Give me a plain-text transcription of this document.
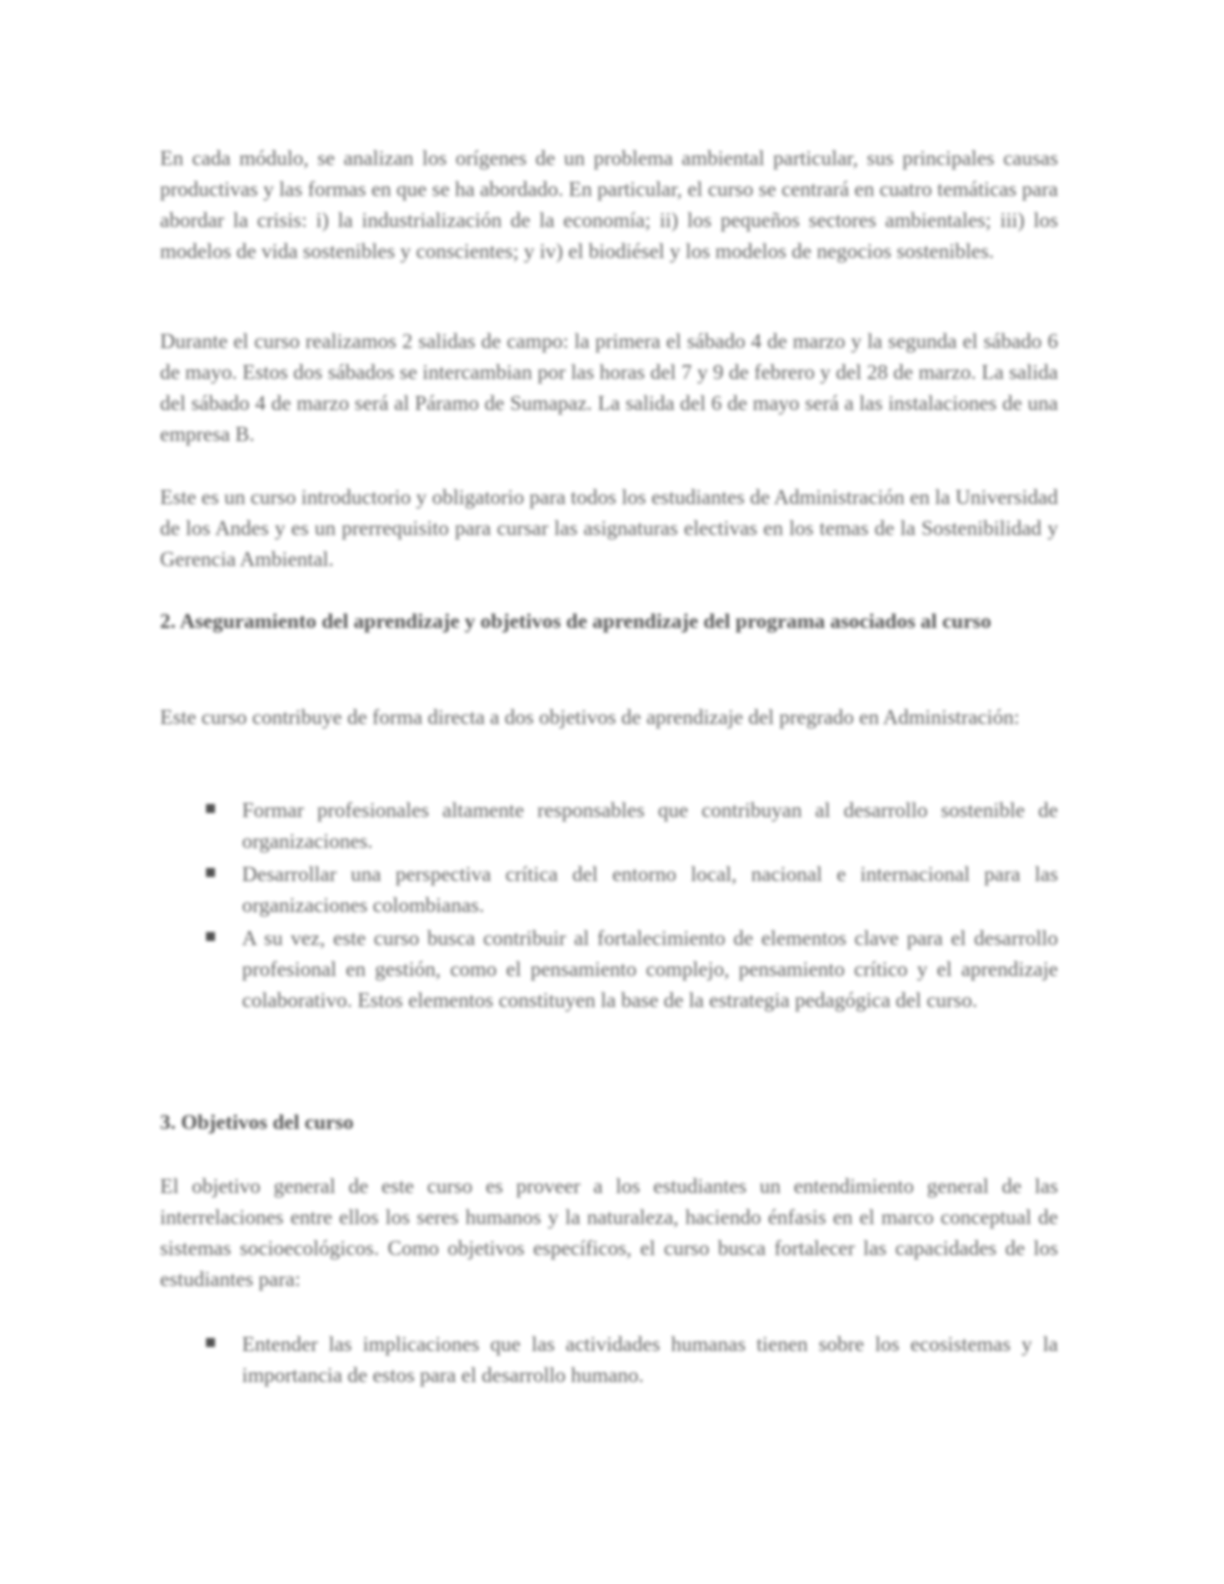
En cada módulo, se analizan los orígenes de un problema ambiental particular, sus principales causas productivas y las formas en que se ha abordado. En particular, el curso se centrará en cuatro temáticas para abordar la crisis: i) la industrialización de la economía; ii) los pequeños sectores ambientales; iii) los modelos de vida sostenibles y conscientes; y iv) el biodiésel y los modelos de negocios sostenibles.

Durante el curso realizamos 2 salidas de campo: la primera el sábado 4 de marzo y la segunda el sábado 6 de mayo. Estos dos sábados se intercambian por las horas del 7 y 9 de febrero y del 28 de marzo. La salida del sábado 4 de marzo será al Páramo de Sumapaz. La salida del 6 de mayo será a las instalaciones de una empresa B.

Este es un curso introductorio y obligatorio para todos los estudiantes de Administración en la Universidad de los Andes y es un prerrequisito para cursar las asignaturas electivas en los temas de la Sostenibilidad y Gerencia Ambiental.

2. Aseguramiento del aprendizaje y objetivos de aprendizaje del programa asociados al curso

Este curso contribuye de forma directa a dos objetivos de aprendizaje del pregrado en Administración:

Formar profesionales altamente responsables que contribuyan al desarrollo sostenible de organizaciones.
Desarrollar una perspectiva crítica del entorno local, nacional e internacional para las organizaciones colombianas.
A su vez, este curso busca contribuir al fortalecimiento de elementos clave para el desarrollo profesional en gestión, como el pensamiento complejo, pensamiento crítico y el aprendizaje colaborativo. Estos elementos constituyen la base de la estrategia pedagógica del curso.
3. Objetivos del curso

El objetivo general de este curso es proveer a los estudiantes un entendimiento general de las interrelaciones entre ellos los seres humanos y la naturaleza, haciendo énfasis en el marco conceptual de sistemas socioecológicos. Como objetivos específicos, el curso busca fortalecer las capacidades de los estudiantes para:

Entender las implicaciones que las actividades humanas tienen sobre los ecosistemas y la importancia de estos para el desarrollo humano.
